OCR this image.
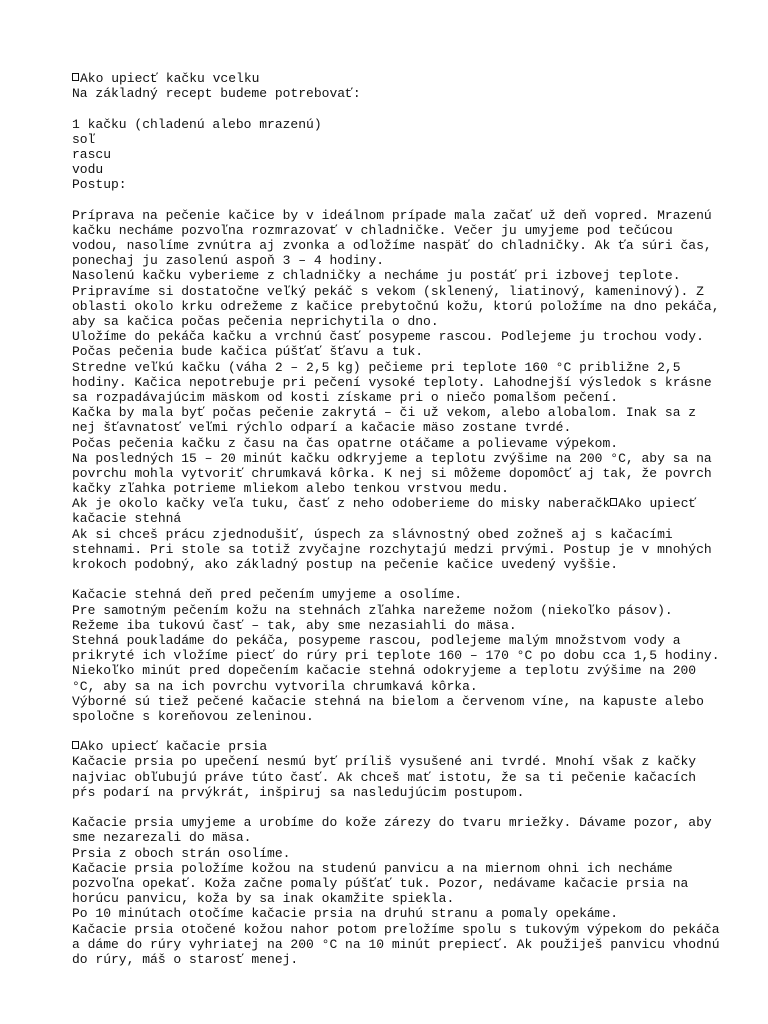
Ako upiecť kačku vcelku
Na základný recept budeme potrebovať:
1 kačku (chladenú alebo mrazenú)
soľ
rascu
vodu
Postup:
Príprava na pečenie kačice by v ideálnom prípade mala začať už deň vopred. Mrazenú
kačku necháme pozvoľna rozmrazovať v chladničke. Večer ju umyjeme pod tečúcou
vodou, nasolíme zvnútra aj zvonka a odložíme naspäť do chladničky. Ak ťa súri čas,
ponechaj ju zasolenú aspoň 3 – 4 hodiny.
Nasolenú kačku vyberieme z chladničky a necháme ju postáť pri izbovej teplote.
Pripravíme si dostatočne veľký pekáč s vekom (sklenený, liatinový, kameninový). Z
oblasti okolo krku odrežeme z kačice prebytočnú kožu, ktorú položíme na dno pekáča,
aby sa kačica počas pečenia neprichytila o dno.
Uložíme do pekáča kačku a vrchnú časť posypeme rascou. Podlejeme ju trochou vody.
Počas pečenia bude kačica púšťať šťavu a tuk.
Stredne veľkú kačku (váha 2 – 2,5 kg) pečieme pri teplote 160 °C približne 2,5
hodiny. Kačica nepotrebuje pri pečení vysoké teploty. Lahodnejší výsledok s krásne
sa rozpadávajúcim mäskom od kosti získame pri o niečo pomalšom pečení.
Kačka by mala byť počas pečenie zakrytá – či už vekom, alebo alobalom. Inak sa z
nej šťavnatosť veľmi rýchlo odparí a kačacie mäso zostane tvrdé.
Počas pečenia kačku z času na čas opatrne otáčame a polievame výpekom.
Na posledných 15 – 20 minút kačku odkryjeme a teplotu zvýšime na 200 °C, aby sa na
povrchu mohla vytvoriť chrumkavá kôrka. K nej si môžeme dopomôcť aj tak, že povrch
kačky zľahka potrieme mliekom alebo tenkou vrstvou medu.
Ak je okolo kačky veľa tuku, časť z neho odoberieme do misky naberačk Ako upiecť
kačacie stehná
Ak si chceš prácu zjednodušiť, úspech za slávnostný obed zožneš aj s kačacími
stehnami. Pri stole sa totiž zvyčajne rozchytajú medzi prvými. Postup je v mnohých
krokoch podobný, ako základný postup na pečenie kačice uvedený vyššie.
Kačacie stehná deň pred pečením umyjeme a osolíme.
Pre samotným pečením kožu na stehnách zľahka narežeme nožom (niekoľko pásov).
Režeme iba tukovú časť – tak, aby sme nezasiahli do mäsa.
Stehná poukladáme do pekáča, posypeme rascou, podlejeme malým množstvom vody a
prikryté ich vložíme piecť do rúry pri teplote 160 – 170 °C po dobu cca 1,5 hodiny.
Niekoľko minút pred dopečením kačacie stehná odokryjeme a teplotu zvýšime na 200
°C, aby sa na ich povrchu vytvorila chrumkavá kôrka.
Výborné sú tiež pečené kačacie stehná na bielom a červenom víne, na kapuste alebo
spoločne s koreňovou zeleninou.
Ako upiecť kačacie prsia
Kačacie prsia po upečení nesmú byť príliš vysušené ani tvrdé. Mnohí však z kačky
najviac obľubujú práve túto časť. Ak chceš mať istotu, že sa ti pečenie kačacích
pŕs podarí na prvýkrát, inšpiruj sa nasledujúcim postupom.
Kačacie prsia umyjeme a urobíme do kože zárezy do tvaru mriežky. Dávame pozor, aby
sme nezarezali do mäsa.
Prsia z oboch strán osolíme.
Kačacie prsia položíme kožou na studenú panvicu a na miernom ohni ich necháme
pozvoľna opekať. Koža začne pomaly púšťať tuk. Pozor, nedávame kačacie prsia na
horúcu panvicu, koža by sa inak okamžite spiekla.
Po 10 minútach otočíme kačacie prsia na druhú stranu a pomaly opekáme.
Kačacie prsia otočené kožou nahor potom preložíme spolu s tukovým výpekom do pekáča
a dáme do rúry vyhriatej na 200 °C na 10 minút prepiecť. Ak použiješ panvicu vhodnú
do rúry, máš o starosť menej.
